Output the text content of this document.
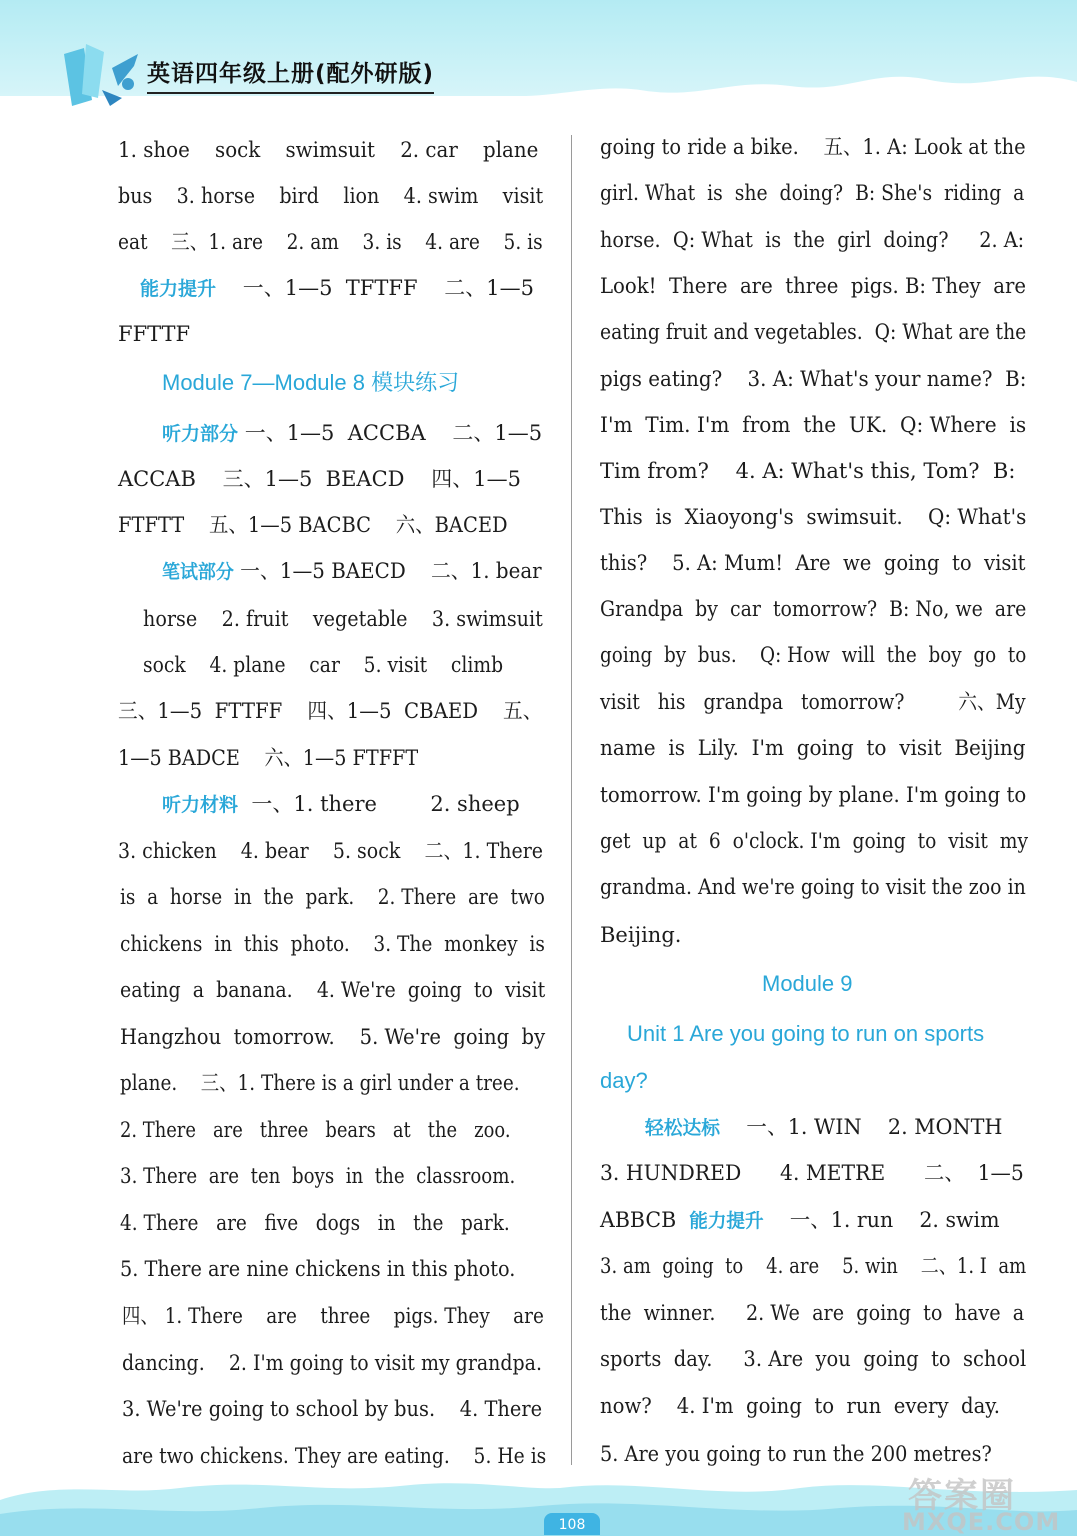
英语四年级上册(配外研版)
1. shoe    sock    swimsuit    2. car    plane
bus    3. horse    bird    lion    4. swim    visit
eat    三、1. are    2. am    3. is    4. are    5. is
能力提升    一、1—5  TFTFF    二、1—5
FFTTF
Module 7—Module 8 模块练习
听力部分 一、1—5  ACCBA    二、1—5
ACCAB    三、1—5  BEACD    四、1—5
FTFTT    五、1—5 BACBC    六、BACED
笔试部分 一、1—5 BAECD    二、1. bear
horse    2. fruit    vegetable    3. swimsuit
sock    4. plane    car    5. visit    climb
三、1—5  FTTFF    四、1—5  CBAED    五、
1—5 BADCE    六、1—5 FTFFT
听力材料  一、1. there        2. sheep
3. chicken    4. bear    5. sock    二、1. There
is  a  horse  in  the  park.    2. There  are  two
chickens  in  this  photo.    3. The  monkey  is
eating  a  banana.    4. We're  going  to  visit
Hangzhou  tomorrow.    5. We're  going  by
plane.    三、1. There is a girl under a tree.
2. There   are   three   bears   at   the   zoo.
3. There  are  ten  boys  in  the  classroom.
4. There   are   five   dogs   in   the   park.
5. There are nine chickens in this photo.
四、 1. There    are    three    pigs. They    are
dancing.    2. I'm going to visit my grandpa.
3. We're going to school by bus.    4. There
are two chickens. They are eating.    5. He is
going to ride a bike.    五、1. A: Look at the
girl. What  is  she  doing?  B: She's  riding  a
horse.  Q: What  is  the  girl  doing?     2. A:
Look!  There  are  three  pigs. B: They  are
eating fruit and vegetables.  Q: What are the
pigs eating?    3. A: What's your name?  B:
I'm  Tim. I'm  from  the  UK.  Q: Where  is
Tim from?    4. A: What's this, Tom?  B:
This  is  Xiaoyong's  swimsuit.    Q: What's
this?    5. A: Mum!  Are  we  going  to  visit
Grandpa  by  car  tomorrow?  B: No, we  are
going  by  bus.    Q: How  will  the  boy  go  to
visit   his   grandpa   tomorrow?         六、My
name  is  Lily.  I'm  going  to  visit  Beijing
tomorrow. I'm going by plane. I'm going to
get  up  at  6  o'clock. I'm  going  to  visit  my
grandma. And we're going to visit the zoo in
Beijing.
Module 9
Unit 1 Are you going to run on sports
day?
轻松达标    一、1. WIN    2. MONTH
3. HUNDRED      4. METRE      二、  1—5
ABBCB  能力提升    一、1. run    2. swim
3. am  going  to    4. are    5. win    二、1. I  am
the  winner.     2. We  are  going  to  have  a
sports  day.     3. Are  you  going  to  school
now?    4. I'm  going  to  run  every  day.
5. Are you going to run the 200 metres?
108
答案圈
MXQE.COM
